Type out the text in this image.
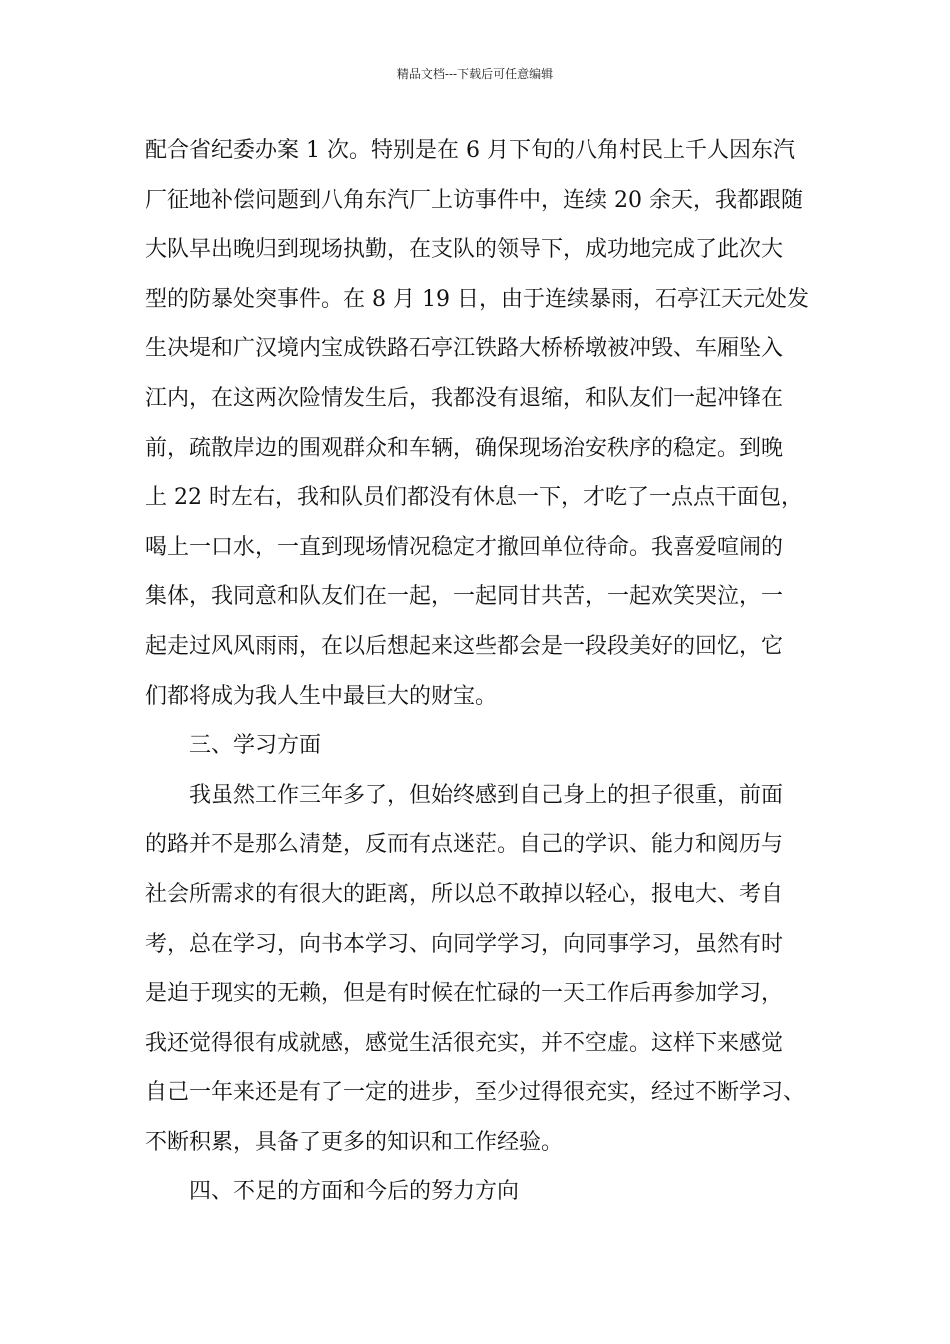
精品文档---下载后可任意编辑
配合省纪委办案 1 次。特别是在 6 月下旬的八角村民上千人因东汽
厂征地补偿问题到八角东汽厂上访事件中，连续 20 余天，我都跟随
大队早出晚归到现场执勤，在支队的领导下，成功地完成了此次大
型的防暴处突事件。在 8 月 19 日，由于连续暴雨，石亭江天元处发
生决堤和广汉境内宝成铁路石亭江铁路大桥桥墩被冲毁、车厢坠入
江内，在这两次险情发生后，我都没有退缩，和队友们一起冲锋在
前，疏散岸边的围观群众和车辆，确保现场治安秩序的稳定。到晚
上 22 时左右，我和队员们都没有休息一下，才吃了一点点干面包，
喝上一口水，一直到现场情况稳定才撤回单位待命。我喜爱喧闹的
集体，我同意和队友们在一起，一起同甘共苦，一起欢笑哭泣，一
起走过风风雨雨，在以后想起来这些都会是一段段美好的回忆，它
们都将成为我人生中最巨大的财宝。
三、学习方面
我虽然工作三年多了，但始终感到自己身上的担子很重，前面
的路并不是那么清楚，反而有点迷茫。自己的学识、能力和阅历与
社会所需求的有很大的距离，所以总不敢掉以轻心，报电大、考自
考，总在学习，向书本学习、向同学学习，向同事学习，虽然有时
是迫于现实的无赖，但是有时候在忙碌的一天工作后再参加学习，
我还觉得很有成就感，感觉生活很充实，并不空虚。这样下来感觉
自己一年来还是有了一定的进步，至少过得很充实，经过不断学习、
不断积累，具备了更多的知识和工作经验。
四、不足的方面和今后的努力方向
